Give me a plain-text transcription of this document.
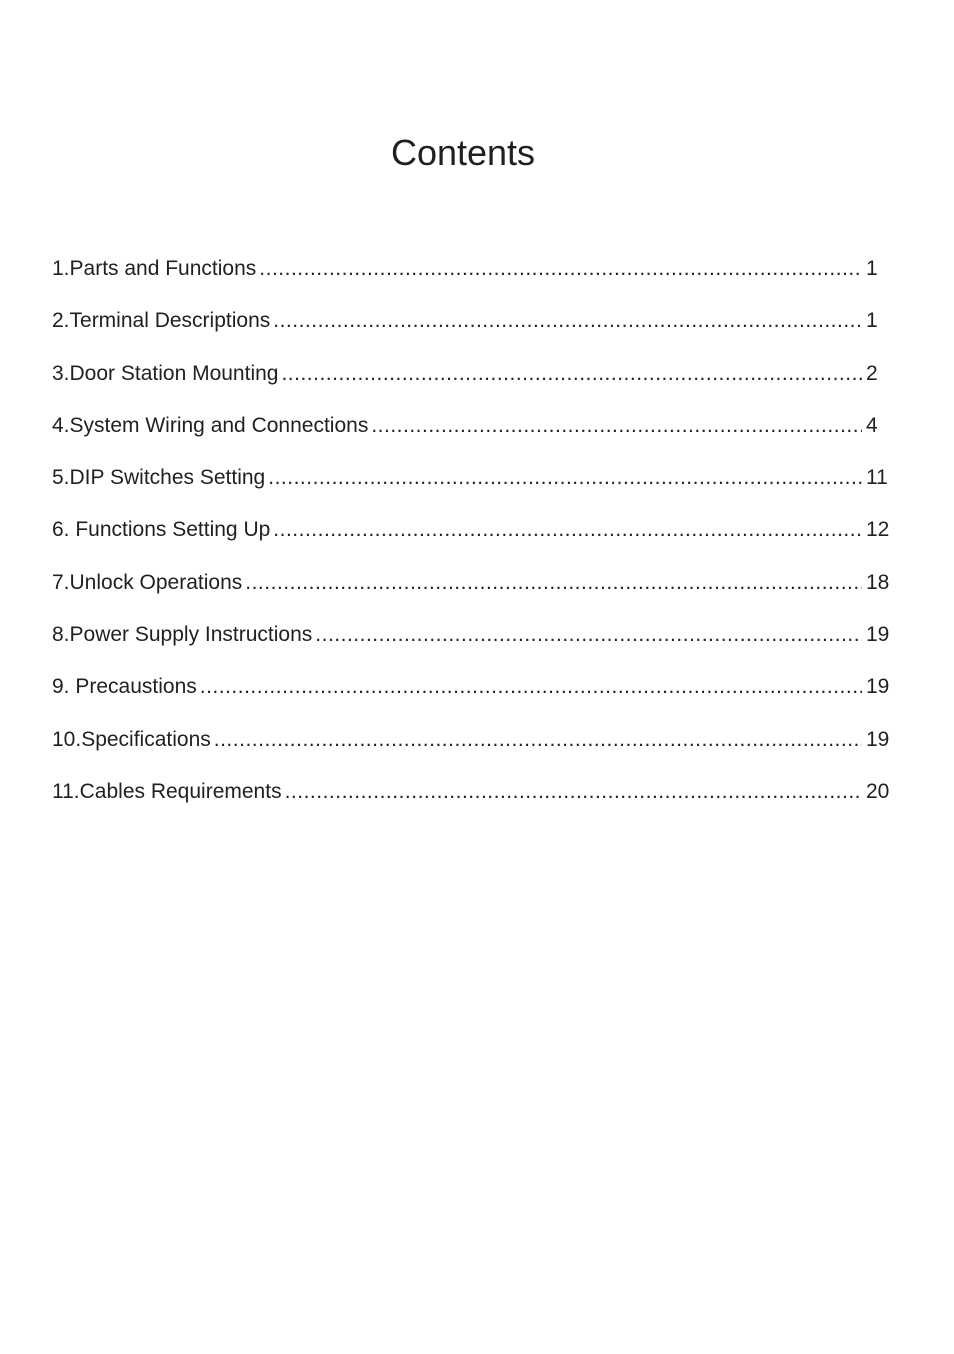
Contents
1.Parts and Functions .....	1
2.Terminal Descriptions .....	1
3.Door Station Mounting .....	2
4.System Wiring and Connections .....	4
5.DIP Switches Setting .....	11
6. Functions Setting Up .....	12
7.Unlock Operations .....	18
8.Power Supply Instructions .....	19
9. Precaustions .....	19
10.Specifications .....	19
11.Cables Requirements .....	20
